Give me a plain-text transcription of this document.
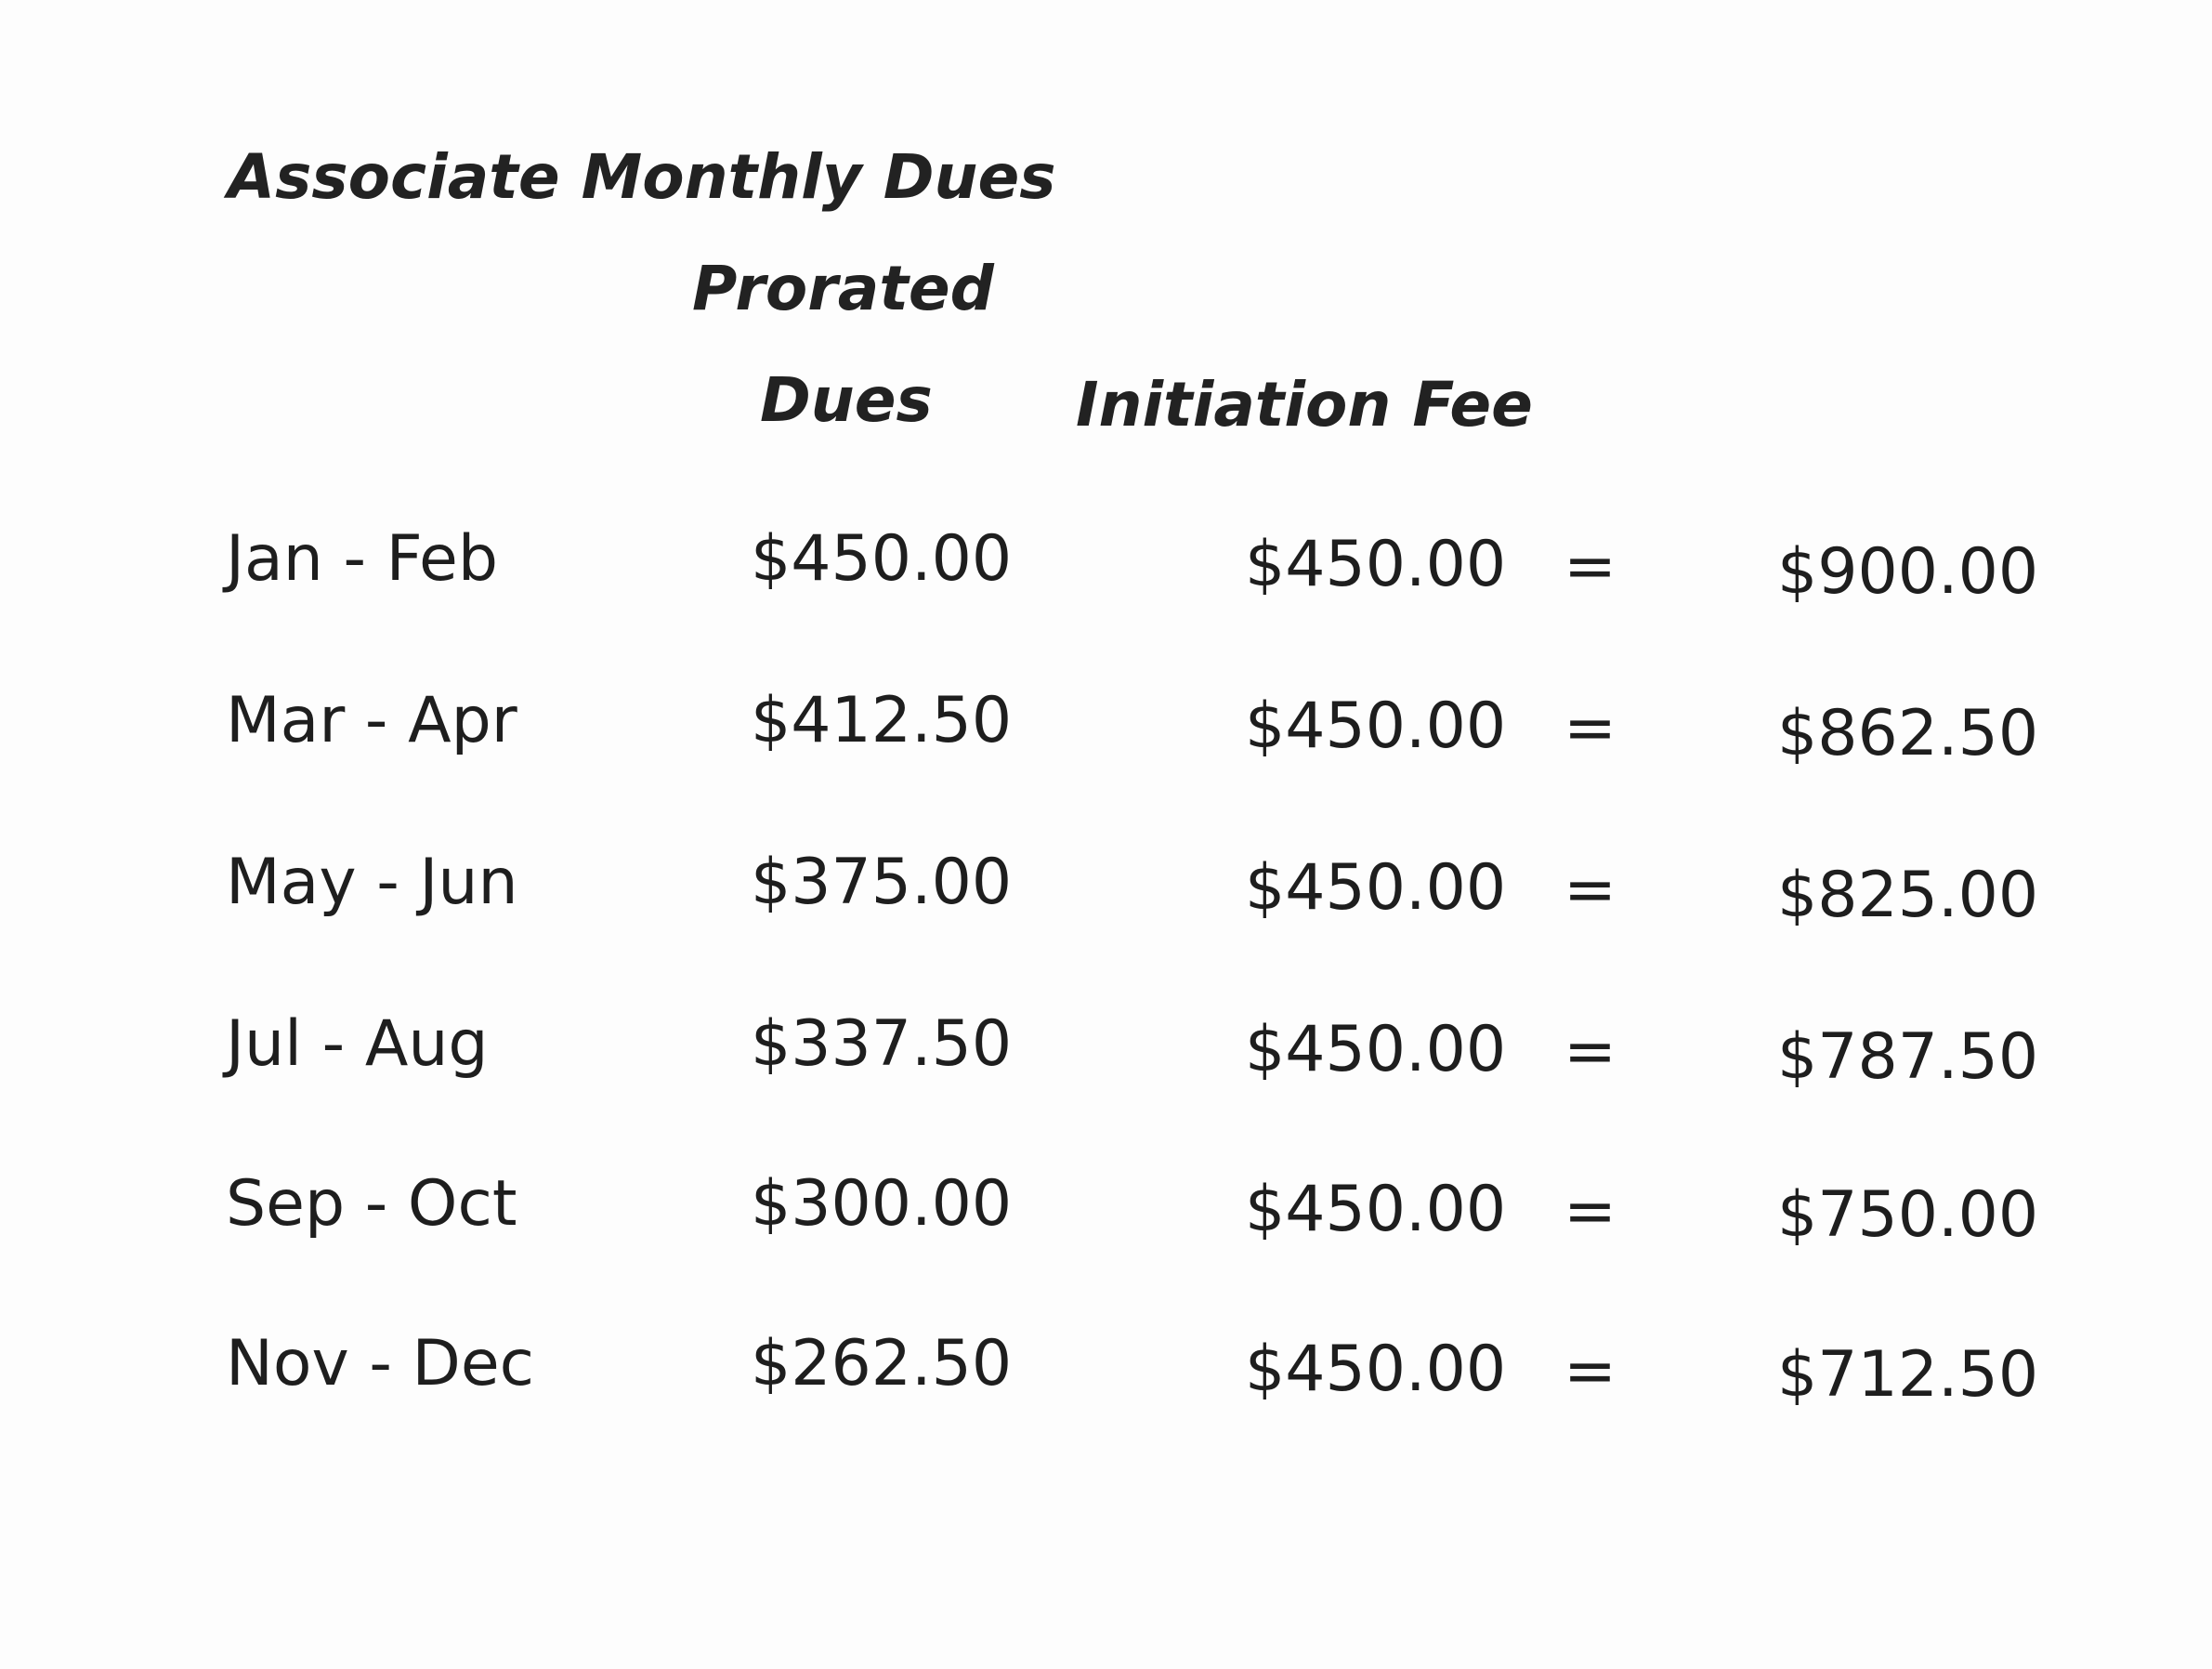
Associate Monthly Dues
Prorated
Dues Initiation Fee
Jan - Feb	$450.00	$450.00 =	$900.00
Mar - Apr	$412.50	$450.00 =	$862.50
May - Jun	$375.00	$450.00 =	$825.00
Jul - Aug	$337.50	$450.00 =	$787.50
Sep - Oct	$300.00	$450.00 =	$750.00
Nov - Dec	$262.50	$450.00 =	$712.50
